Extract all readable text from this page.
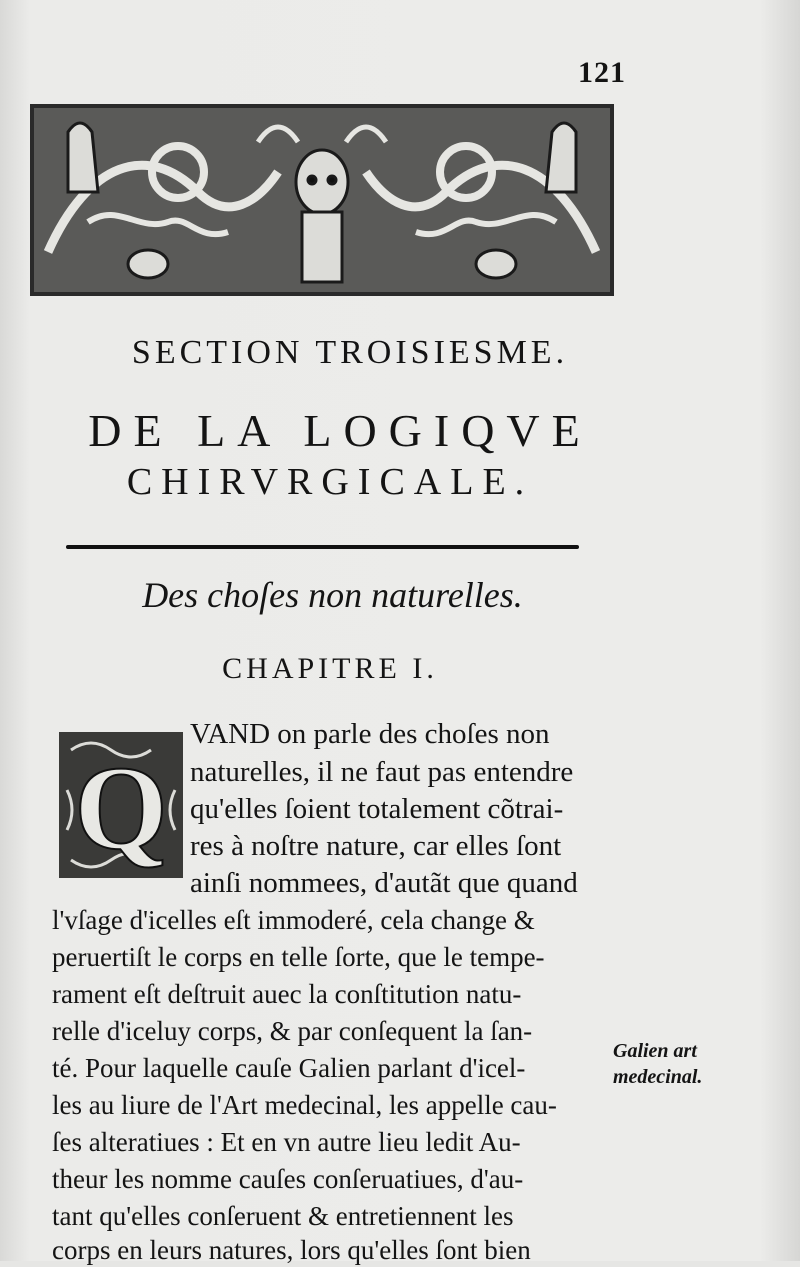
121
SECTION TROISIESME.
DE LA LOGIQVE
CHIRVRGICALE.
Des choſes non naturelles.
CHAPITRE I.
Q
VAND on parle des choſes non
naturelles, il ne faut pas entendre
qu'elles ſoient totalement cõtrai-
res à noſtre nature, car elles ſont
ainſi nommees, d'autãt que quand
l'vſage d'icelles eſt immoderé, cela change &
peruertiſt le corps en telle ſorte, que le tempe-
rament eſt deſtruit auec la conſtitution natu-
relle d'iceluy corps, & par conſequent la ſan-
té. Pour laquelle cauſe Galien parlant d'icel-
les au liure de l'Art medecinal, les appelle cau-
ſes alteratiues : Et en vn autre lieu ledit Au-
theur les nomme cauſes conſeruatiues, d'au-
tant qu'elles conſeruent & entretiennent les
corps en leurs natures, lors qu'elles ſont bien
Galien art
medecinal.
